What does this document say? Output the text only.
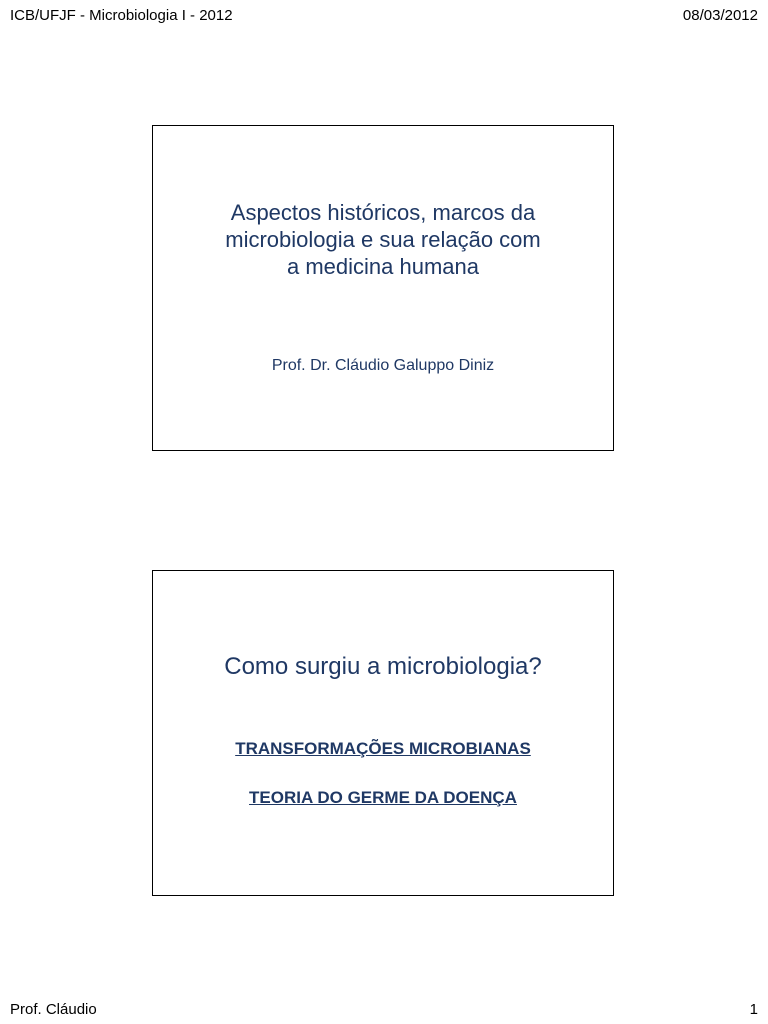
ICB/UFJF - Microbiologia I - 2012	08/03/2012
Aspectos históricos, marcos da
microbiologia e sua relação com
a medicina humana
Prof. Dr. Cláudio Galuppo Diniz
Como surgiu a microbiologia?
TRANSFORMAÇÕES MICROBIANAS
TEORIA DO GERME DA DOENÇA
Prof. Cláudio	1
